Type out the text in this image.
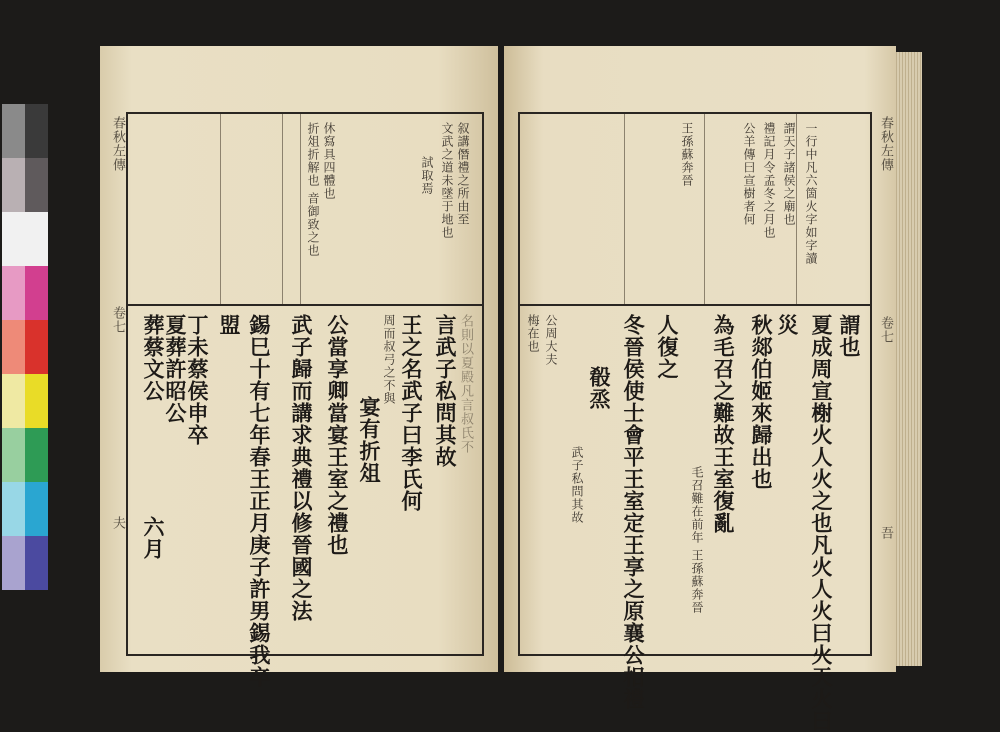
春秋左傳
卷七
夫
叙講僭禮之所由至
文武之道未墜于地也
試取焉
休寫具四體也
折俎折解也 音御致之也
名則以夏殿凡言叔氏不
言武子私問其故
王之名武子曰李氏何
周而叔弓之不與
宴有折俎
公當享卿當宴王室之禮也
武子歸而講求典禮以修晉國之法
錫巳十有七年春王正月庚子許男錫我卒
盟
丁未蔡侯申卒
夏葬許昭公
葬蔡文公
六月
春秋左傳
卷七
吾
一行中凡六箇火字如字讀
謂天子諸侯之廟也
禮記月令孟冬之月也
公羊傳曰宣樹者何
王孫蘇奔晉
謂也
夏成周宣榭火人火之也凡火人火曰火天火曰
災
秋郯伯姬來歸出也
為毛召之難故王室復亂
毛召難在前年 王孫蘇奔晉
人復之
冬晉侯使士會平王室定王享之原襄公相禮
殽烝
武子私問其故
公周大夫
梅在也
